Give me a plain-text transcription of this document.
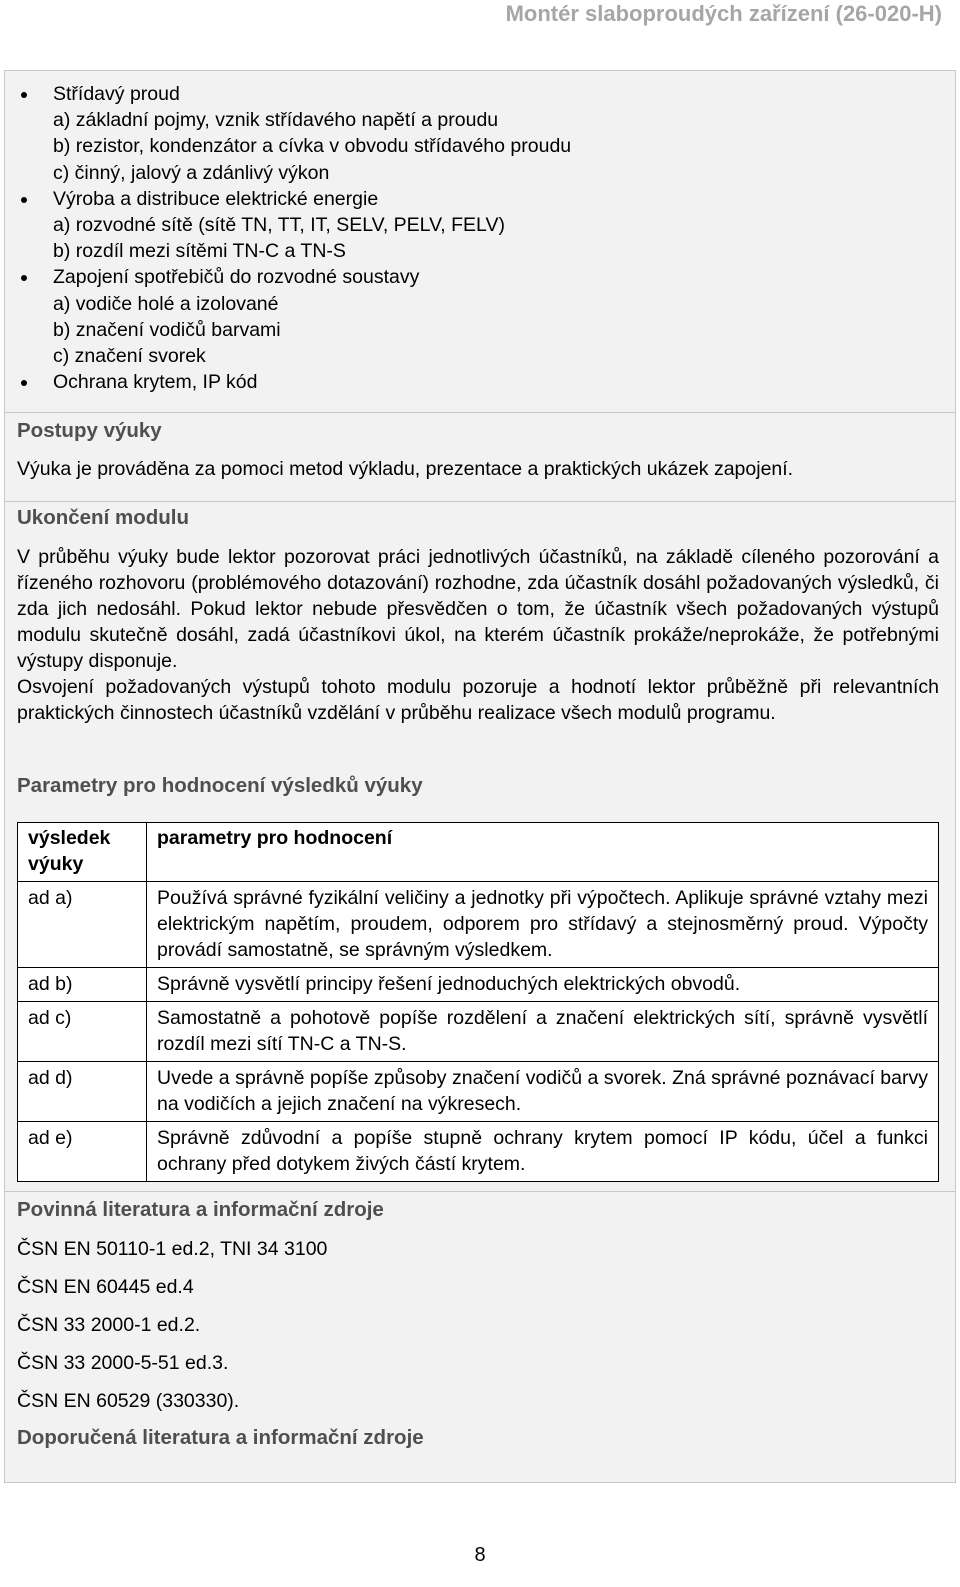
Montér slaboproudých zařízení (26-020-H)
Střídavý proud
a) základní pojmy, vznik střídavého napětí a proudu
b) rezistor, kondenzátor a cívka v obvodu střídavého proudu
c) činný, jalový a zdánlivý výkon
Výroba a distribuce elektrické energie
a) rozvodné sítě (sítě TN, TT, IT, SELV, PELV, FELV)
b) rozdíl mezi sítěmi TN-C a TN-S
Zapojení spotřebičů do rozvodné soustavy
a) vodiče holé a izolované
b) značení vodičů barvami
c) značení svorek
Ochrana krytem, IP kód
Postupy výuky

Výuka je prováděna za pomoci metod výkladu, prezentace a praktických ukázek zapojení.

Ukončení modulu

V průběhu výuky bude lektor pozorovat práci jednotlivých účastníků, na základě cíleného pozorování a řízeného rozhovoru (problémového dotazování) rozhodne, zda účastník dosáhl požadovaných výsledků, či zda jich nedosáhl. Pokud lektor nebude přesvědčen o tom, že účastník všech požadovaných výstupů modulu skutečně dosáhl, zadá účastníkovi úkol, na kterém účastník prokáže/neprokáže, že potřebnými výstupy disponuje.

Osvojení požadovaných výstupů tohoto modulu pozoruje a hodnotí lektor průběžně při relevantních praktických činnostech účastníků vzdělání v průběhu realizace všech modulů programu.

Parametry pro hodnocení výsledků výuky
výsledek výuky	parametry pro hodnocení
ad a)	Používá správné fyzikální veličiny a jednotky při výpočtech. Aplikuje správné vztahy mezi elektrickým napětím, proudem, odporem pro střídavý a stejnosměrný proud. Výpočty provádí samostatně, se správným výsledkem.
ad b)	Správně vysvětlí principy řešení jednoduchých elektrických obvodů.
ad c)	Samostatně a pohotově popíše rozdělení a značení elektrických sítí, správně vysvětlí rozdíl mezi sítí TN-C a TN-S.
ad d)	Uvede a správně popíše způsoby značení vodičů a svorek. Zná správné poznávací barvy na vodičích a jejich značení na výkresech.
ad e)	Správně zdůvodní a popíše stupně ochrany krytem pomocí IP kódu, účel a funkci ochrany před dotykem živých částí krytem.
Povinná literatura a informační zdroje
ČSN EN 50110-1 ed.2, TNI 34 3100
ČSN EN 60445 ed.4
ČSN 33 2000-1 ed.2.
ČSN 33 2000-5-51 ed.3.
ČSN EN 60529 (330330).
Doporučená literatura a informační zdroje
8
